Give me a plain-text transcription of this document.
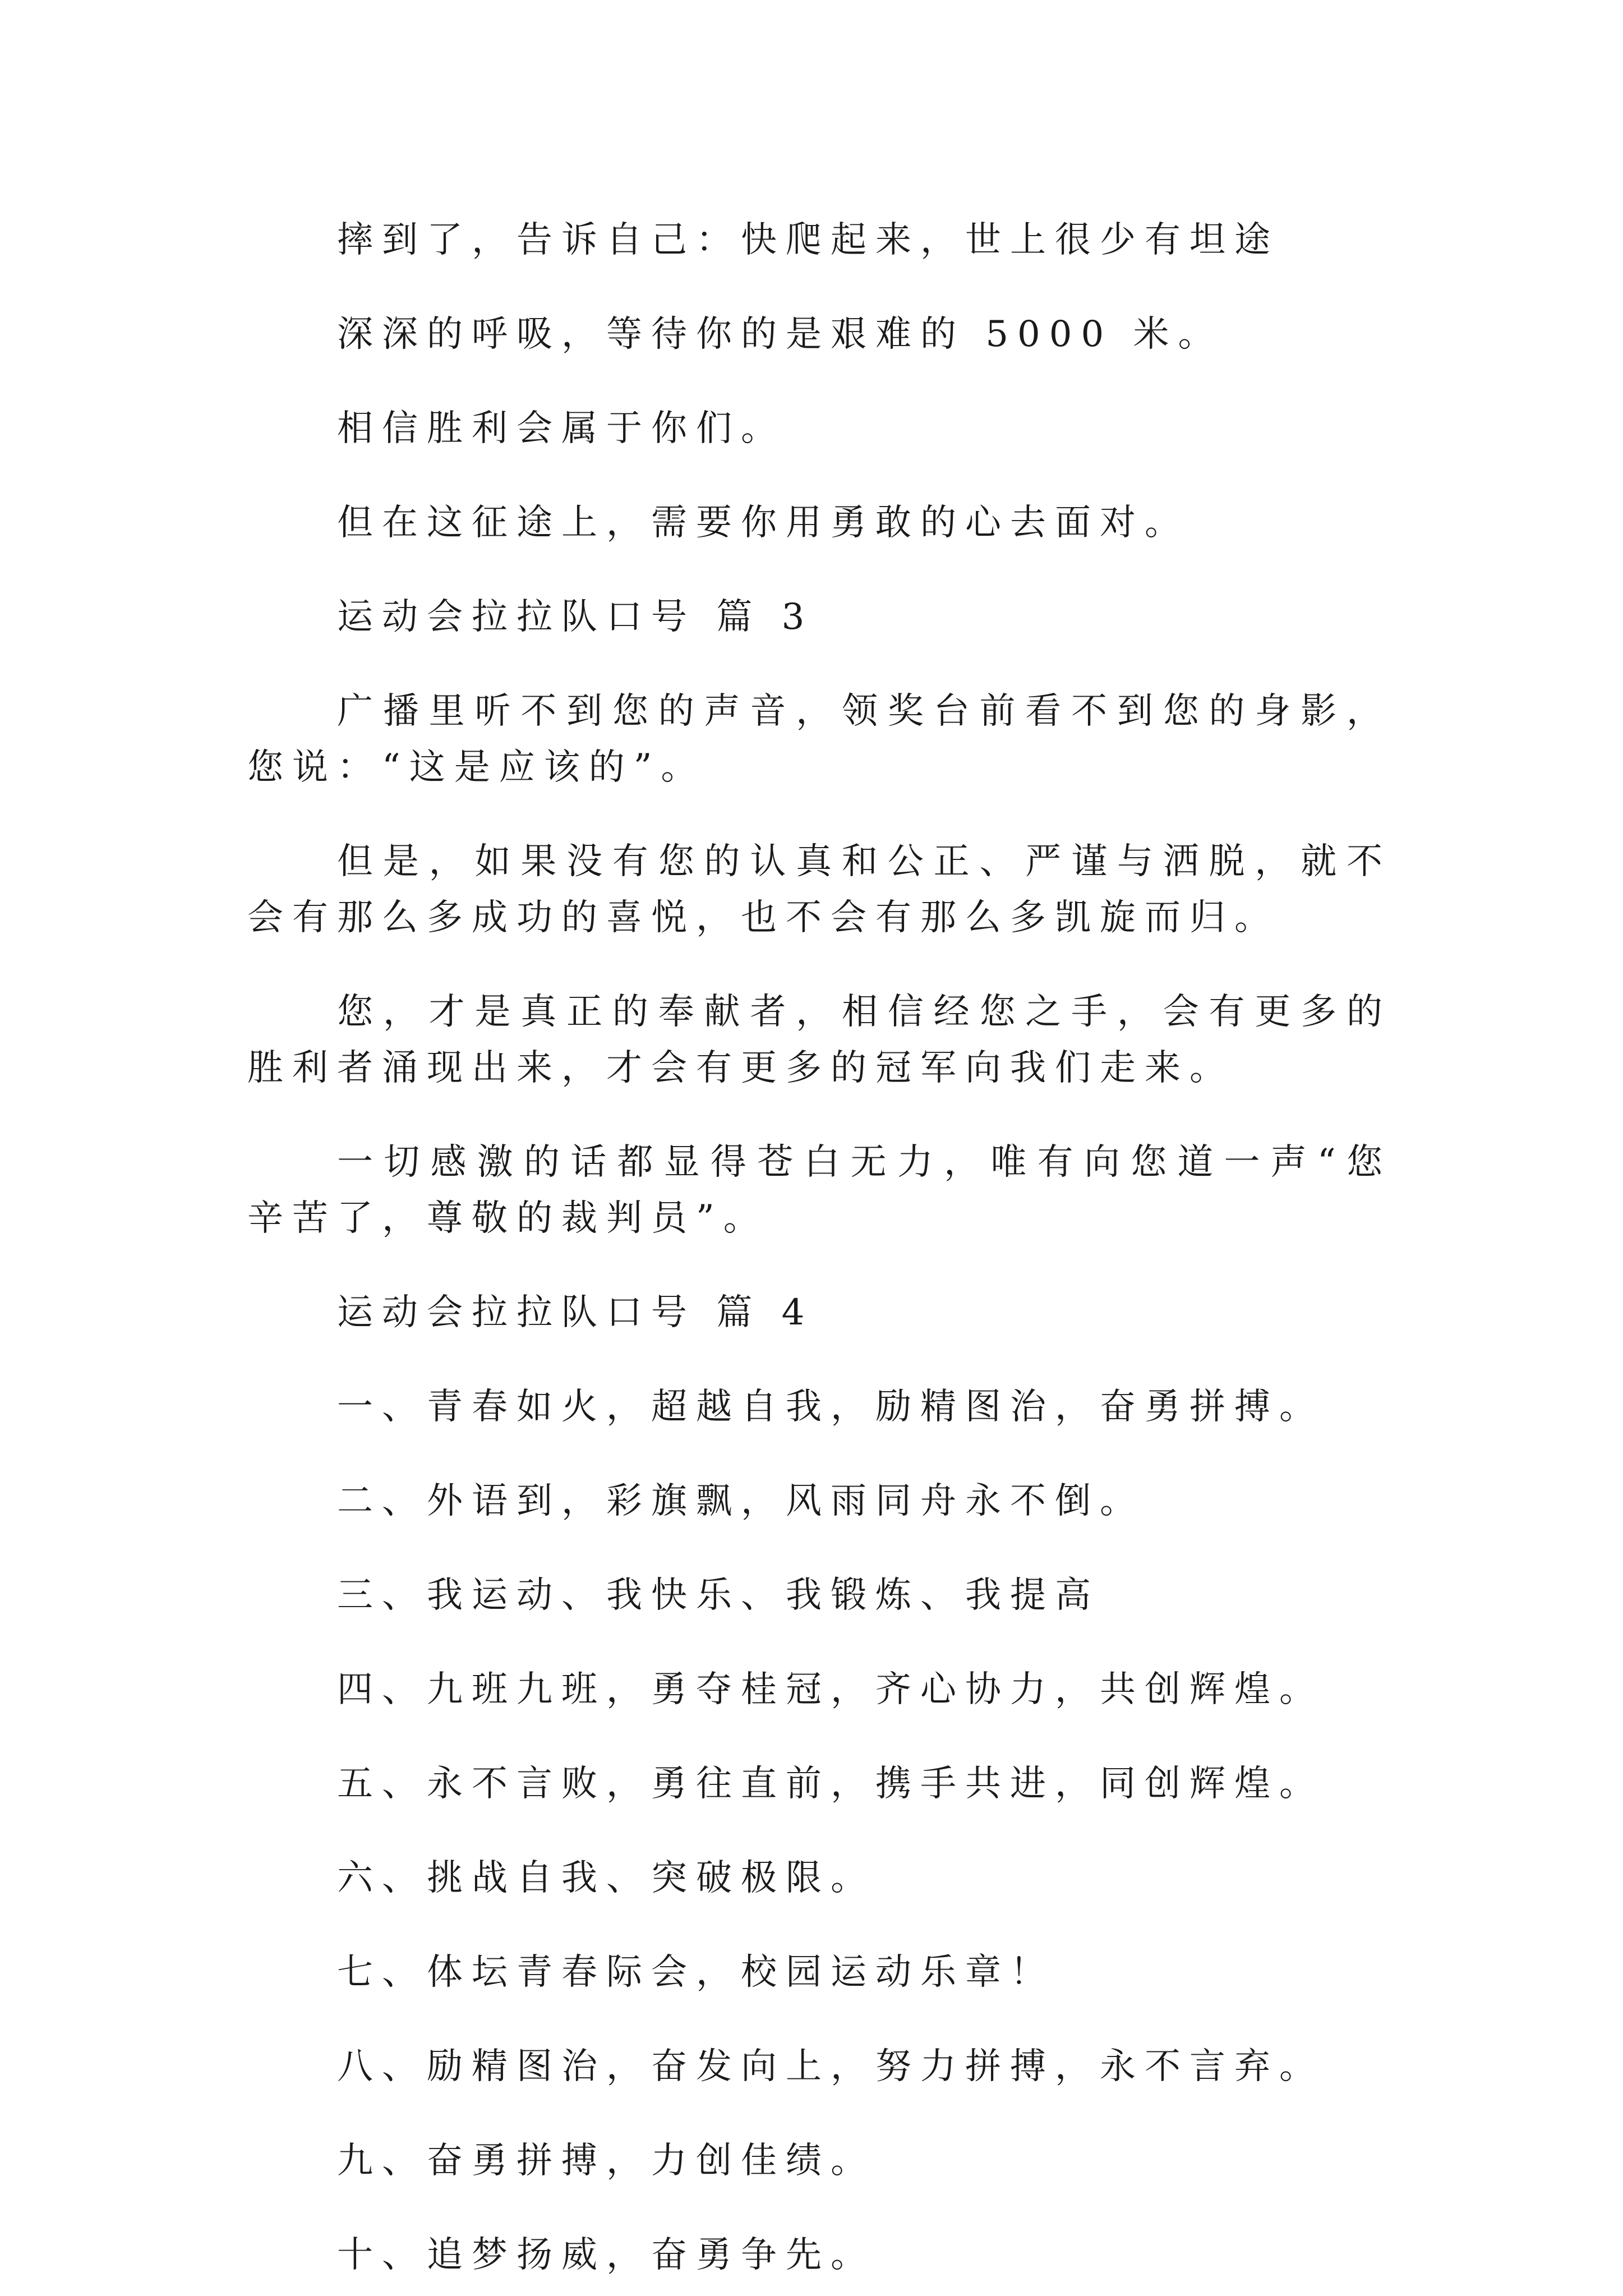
摔到了，告诉自己：快爬起来，世上很少有坦途

深深的呼吸，等待你的是艰难的 5000 米。

相信胜利会属于你们。

但在这征途上，需要你用勇敢的心去面对。

运动会拉拉队口号 篇 3

广播里听不到您的声音，领奖台前看不到您的身影，您说：“这是应该的”。

但是，如果没有您的认真和公正、严谨与洒脱，就不会有那么多成功的喜悦，也不会有那么多凯旋而归。

您，才是真正的奉献者，相信经您之手，会有更多的胜利者涌现出来，才会有更多的冠军向我们走来。

一切感激的话都显得苍白无力，唯有向您道一声“您辛苦了，尊敬的裁判员”。

运动会拉拉队口号 篇 4

一、青春如火，超越自我，励精图治，奋勇拼搏。

二、外语到，彩旗飘，风雨同舟永不倒。

三、我运动、我快乐、我锻炼、我提高

四、九班九班，勇夺桂冠，齐心协力，共创辉煌。

五、永不言败，勇往直前，携手共进，同创辉煌。

六、挑战自我、突破极限。

七、体坛青春际会，校园运动乐章！

八、励精图治，奋发向上，努力拼搏，永不言弃。

九、奋勇拼搏，力创佳绩。

十、追梦扬威，奋勇争先。
